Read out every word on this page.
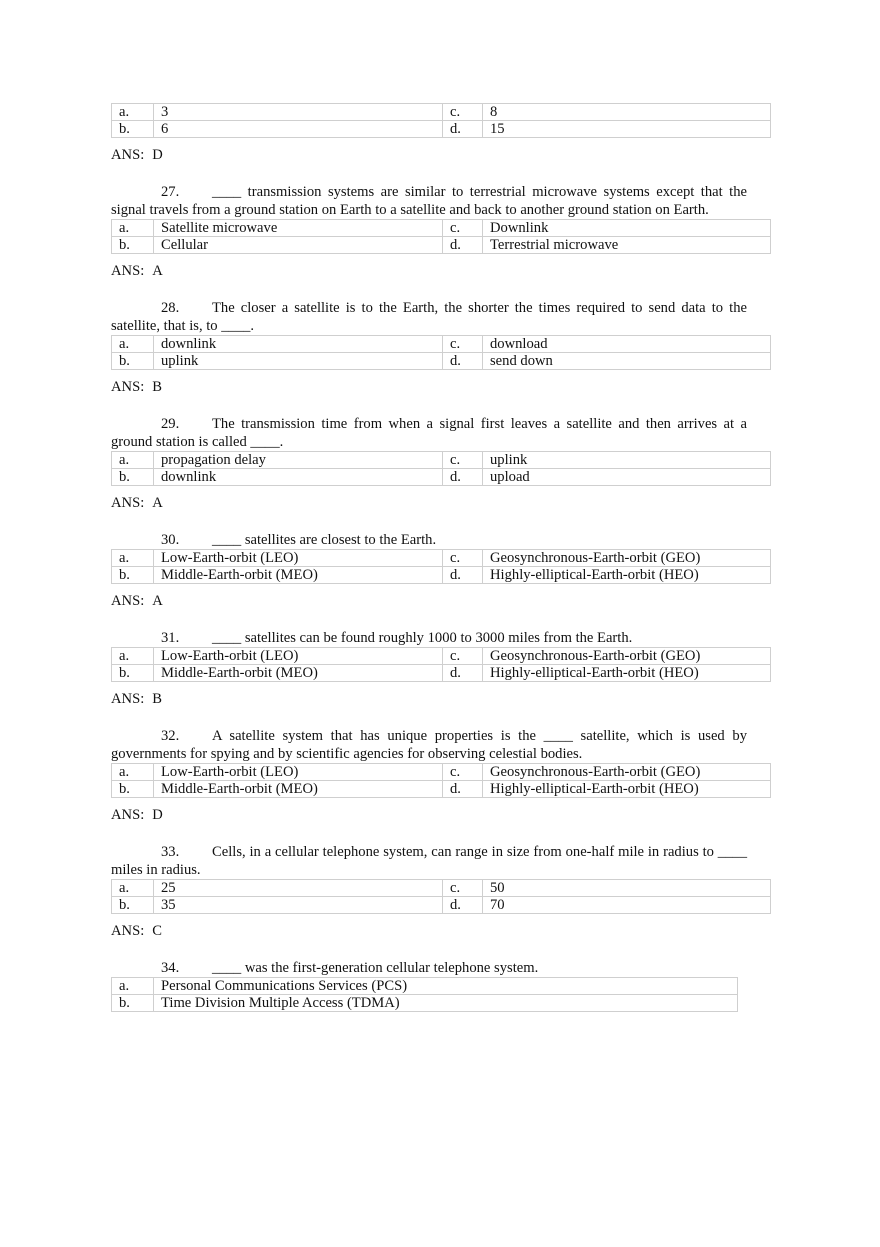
a.	3	c.	8
b.	6	d.	15
ANS: D
27. ____ transmission systems are similar to terrestrial microwave systems except that the signal travels from a ground station on Earth to a satellite and back to another ground station on Earth.
a.	Satellite microwave	c.	Downlink
b.	Cellular	d.	Terrestrial microwave
ANS: A
28. The closer a satellite is to the Earth, the shorter the times required to send data to the satellite, that is, to ____.
a.	downlink	c.	download
b.	uplink	d.	send down
ANS: B
29. The transmission time from when a signal first leaves a satellite and then arrives at a ground station is called ____.
a.	propagation delay	c.	uplink
b.	downlink	d.	upload
ANS: A
30. ____ satellites are closest to the Earth.
a.	Low-Earth-orbit (LEO)	c.	Geosynchronous-Earth-orbit (GEO)
b.	Middle-Earth-orbit (MEO)	d.	Highly-elliptical-Earth-orbit (HEO)
ANS: A
31. ____ satellites can be found roughly 1000 to 3000 miles from the Earth.
a.	Low-Earth-orbit (LEO)	c.	Geosynchronous-Earth-orbit (GEO)
b.	Middle-Earth-orbit (MEO)	d.	Highly-elliptical-Earth-orbit (HEO)
ANS: B
32. A satellite system that has unique properties is the ____ satellite, which is used by governments for spying and by scientific agencies for observing celestial bodies.
a.	Low-Earth-orbit (LEO)	c.	Geosynchronous-Earth-orbit (GEO)
b.	Middle-Earth-orbit (MEO)	d.	Highly-elliptical-Earth-orbit (HEO)
ANS: D
33. Cells, in a cellular telephone system, can range in size from one-half mile in radius to ____ miles in radius.
a.	25	c.	50
b.	35	d.	70
ANS: C
34. ____ was the first-generation cellular telephone system.
a.	Personal Communications Services (PCS)
b.	Time Division Multiple Access (TDMA)
